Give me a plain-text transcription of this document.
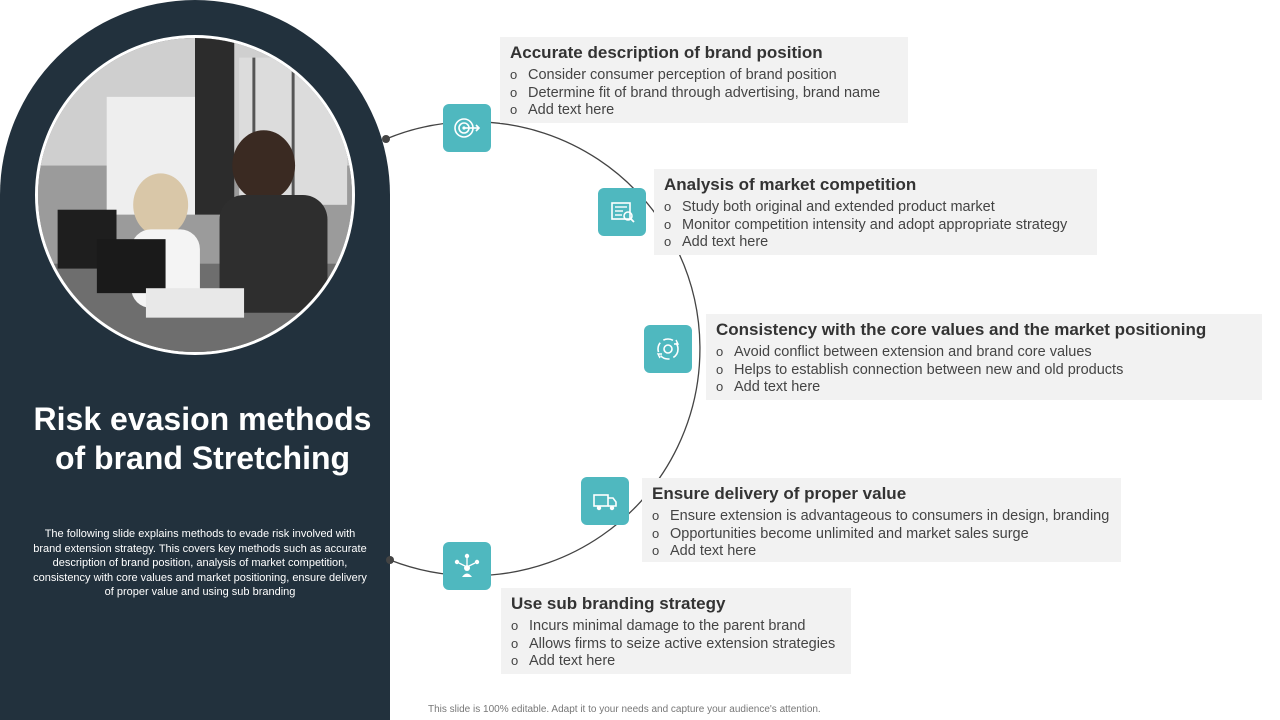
Risk evasion methods of brand Stretching
The following slide explains methods to evade risk involved with brand extension strategy. This covers key methods such as accurate description of brand position, analysis of market competition, consistency with core values and market positioning, ensure delivery of proper value and using sub branding
Accurate description of brand position
o Consider consumer perception of brand position
o Determine fit of brand through advertising, brand name
o Add text here
Analysis of market competition
o Study both original and extended product market
o Monitor competition intensity and adopt appropriate strategy
o Add text here
Consistency with the core values and the market positioning
o Avoid conflict between extension and brand core values
o Helps to establish connection between new and old products
o Add text here
Ensure delivery of proper value
o Ensure extension is advantageous to consumers in design, branding
o Opportunities become unlimited and market sales surge
o Add text here
Use sub branding strategy
o Incurs minimal damage to the parent brand
o Allows firms to seize active extension strategies
o Add text here
This slide is 100% editable. Adapt it to your needs and capture your audience's attention.
